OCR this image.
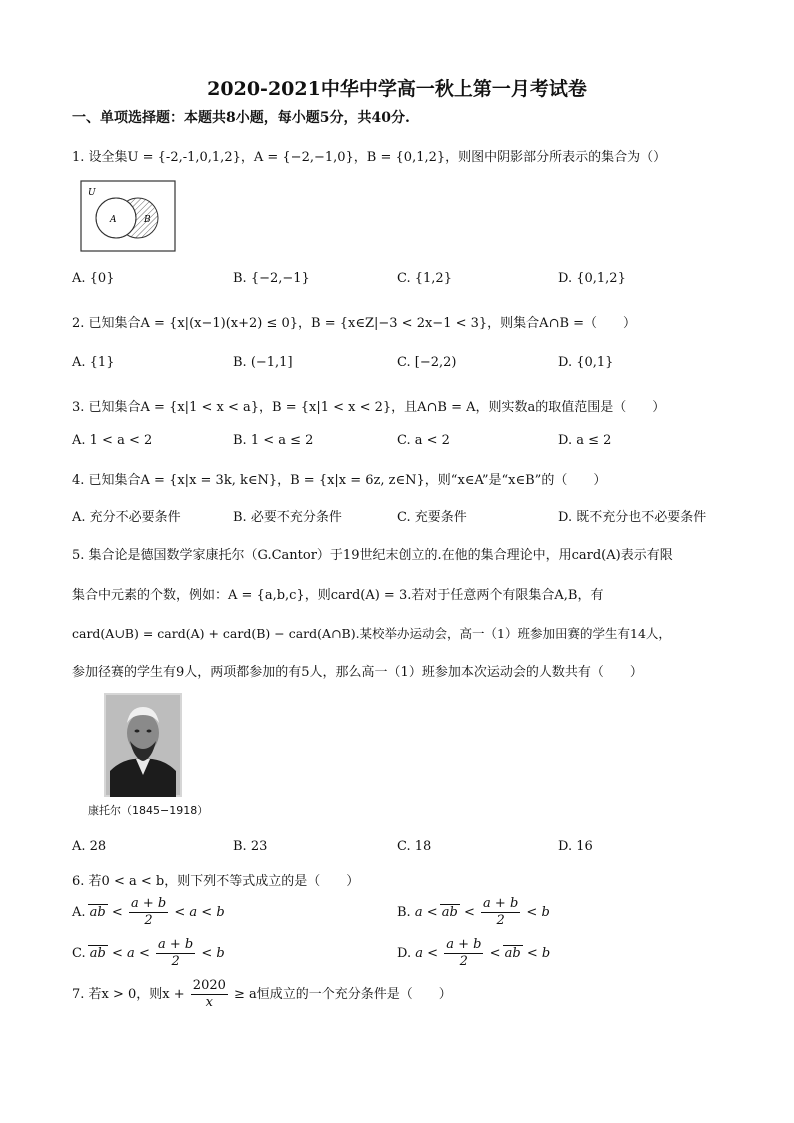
2020-2021中华中学高一秋上第一月考试卷
一、单项选择题：本题共8小题，每小题5分，共40分.
1. 设全集U = {-2,-1,0,1,2}，A = {−2,−1,0}，B = {0,1,2}，则图中阴影部分所表示的集合为（）
U
A	B
A. {0}	B. {−2,−1}	C. {1,2}	D. {0,1,2}
2. 已知集合A = {x|(x−1)(x+2) ≤ 0}，B = {x∈Z|−3 < 2x−1 < 3}，则集合A∩B =（　　）
A. {1}	B. (−1,1]	C. [−2,2)	D. {0,1}
3. 已知集合A = {x|1 < x < a}，B = {x|1 < x < 2}，且A∩B = A，则实数a的取值范围是（　　）
A. 1 < a < 2	B. 1 < a ≤ 2	C. a < 2	D. a ≤ 2
4. 已知集合A = {x|x = 3k, k∈N}，B = {x|x = 6z, z∈N}，则“x∈A”是“x∈B”的（　　）
A. 充分不必要条件	B. 必要不充分条件	C. 充要条件	D. 既不充分也不必要条件
5. 集合论是德国数学家康托尔（G.Cantor）于19世纪末创立的.在他的集合理论中，用card(A)表示有限
集合中元素的个数，例如：A = {a,b,c}，则card(A) = 3.若对于任意两个有限集合A,B，有
card(A∪B) = card(A) + card(B) − card(A∩B).某校举办运动会，高一（1）班参加田赛的学生有14人，
参加径赛的学生有9人，两项都参加的有5人，那么高一（1）班参加本次运动会的人数共有（　　）
康托尔（1845−1918）
A. 28	B. 23	C. 18	D. 16
6. 若0 < a < b，则下列不等式成立的是（　　）
A. ab < $\frac{a + b}{2} < a < b$	B. a < ab < $\frac{a + b}{2} < b$
C. ab < $a < \frac{a + b}{2} < b$	D. $a < \frac{a + b}{2}$ < ab < b
7. 若x > 0，则$x + \frac{2020}{x} \ge a$恒成立的一个充分条件是（　　）
